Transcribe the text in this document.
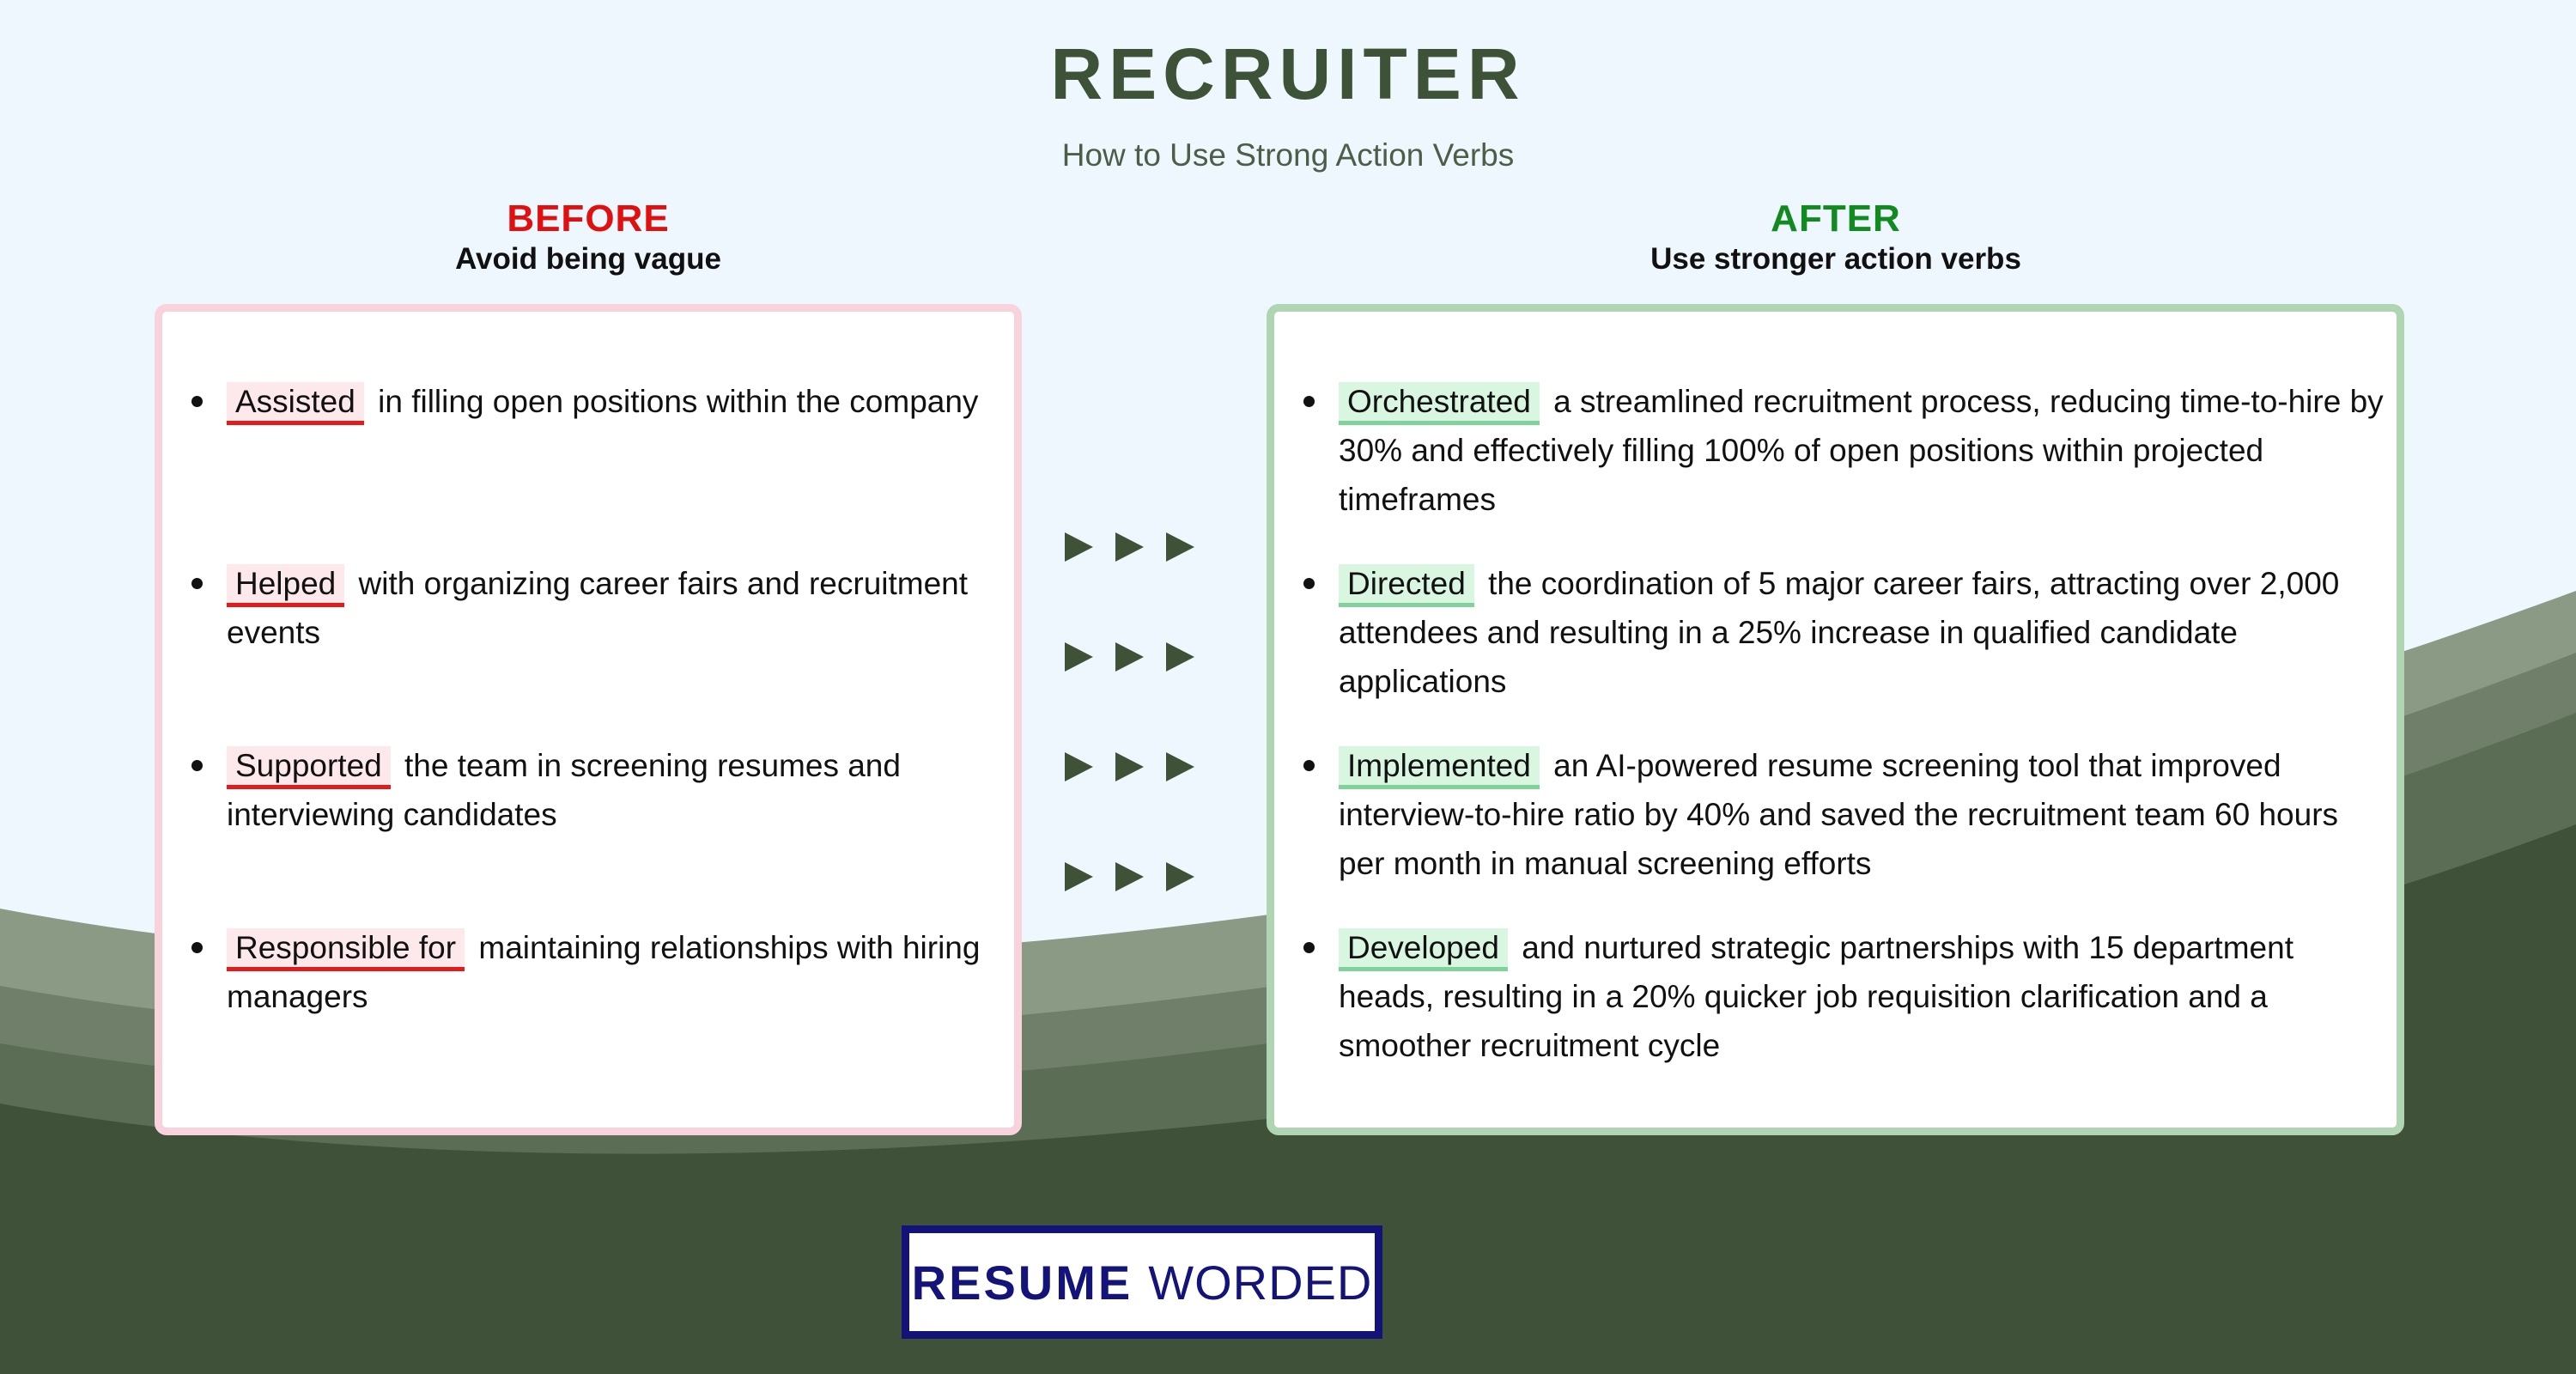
RECRUITER
How to Use Strong Action Verbs
BEFORE
Avoid being vague
AFTER
Use stronger action verbs
Assisted in filling open positions within the company
Helped with organizing career fairs and recruitment events
Supported the team in screening resumes and interviewing candidates
Responsible for maintaining relationships with hiring managers
Orchestrated a streamlined recruitment process, reducing time-to-hire by 30% and effectively filling 100% of open positions within projected timeframes
Directed the coordination of 5 major career fairs, attracting over 2,000 attendees and resulting in a 25% increase in qualified candidate applications
Implemented an AI-powered resume screening tool that improved interview-to-hire ratio by 40% and saved the recruitment team 60 hours per month in manual screening efforts
Developed and nurtured strategic partnerships with 15 department heads, resulting in a 20% quicker job requisition clarification and a smoother recruitment cycle
RESUME WORDED
